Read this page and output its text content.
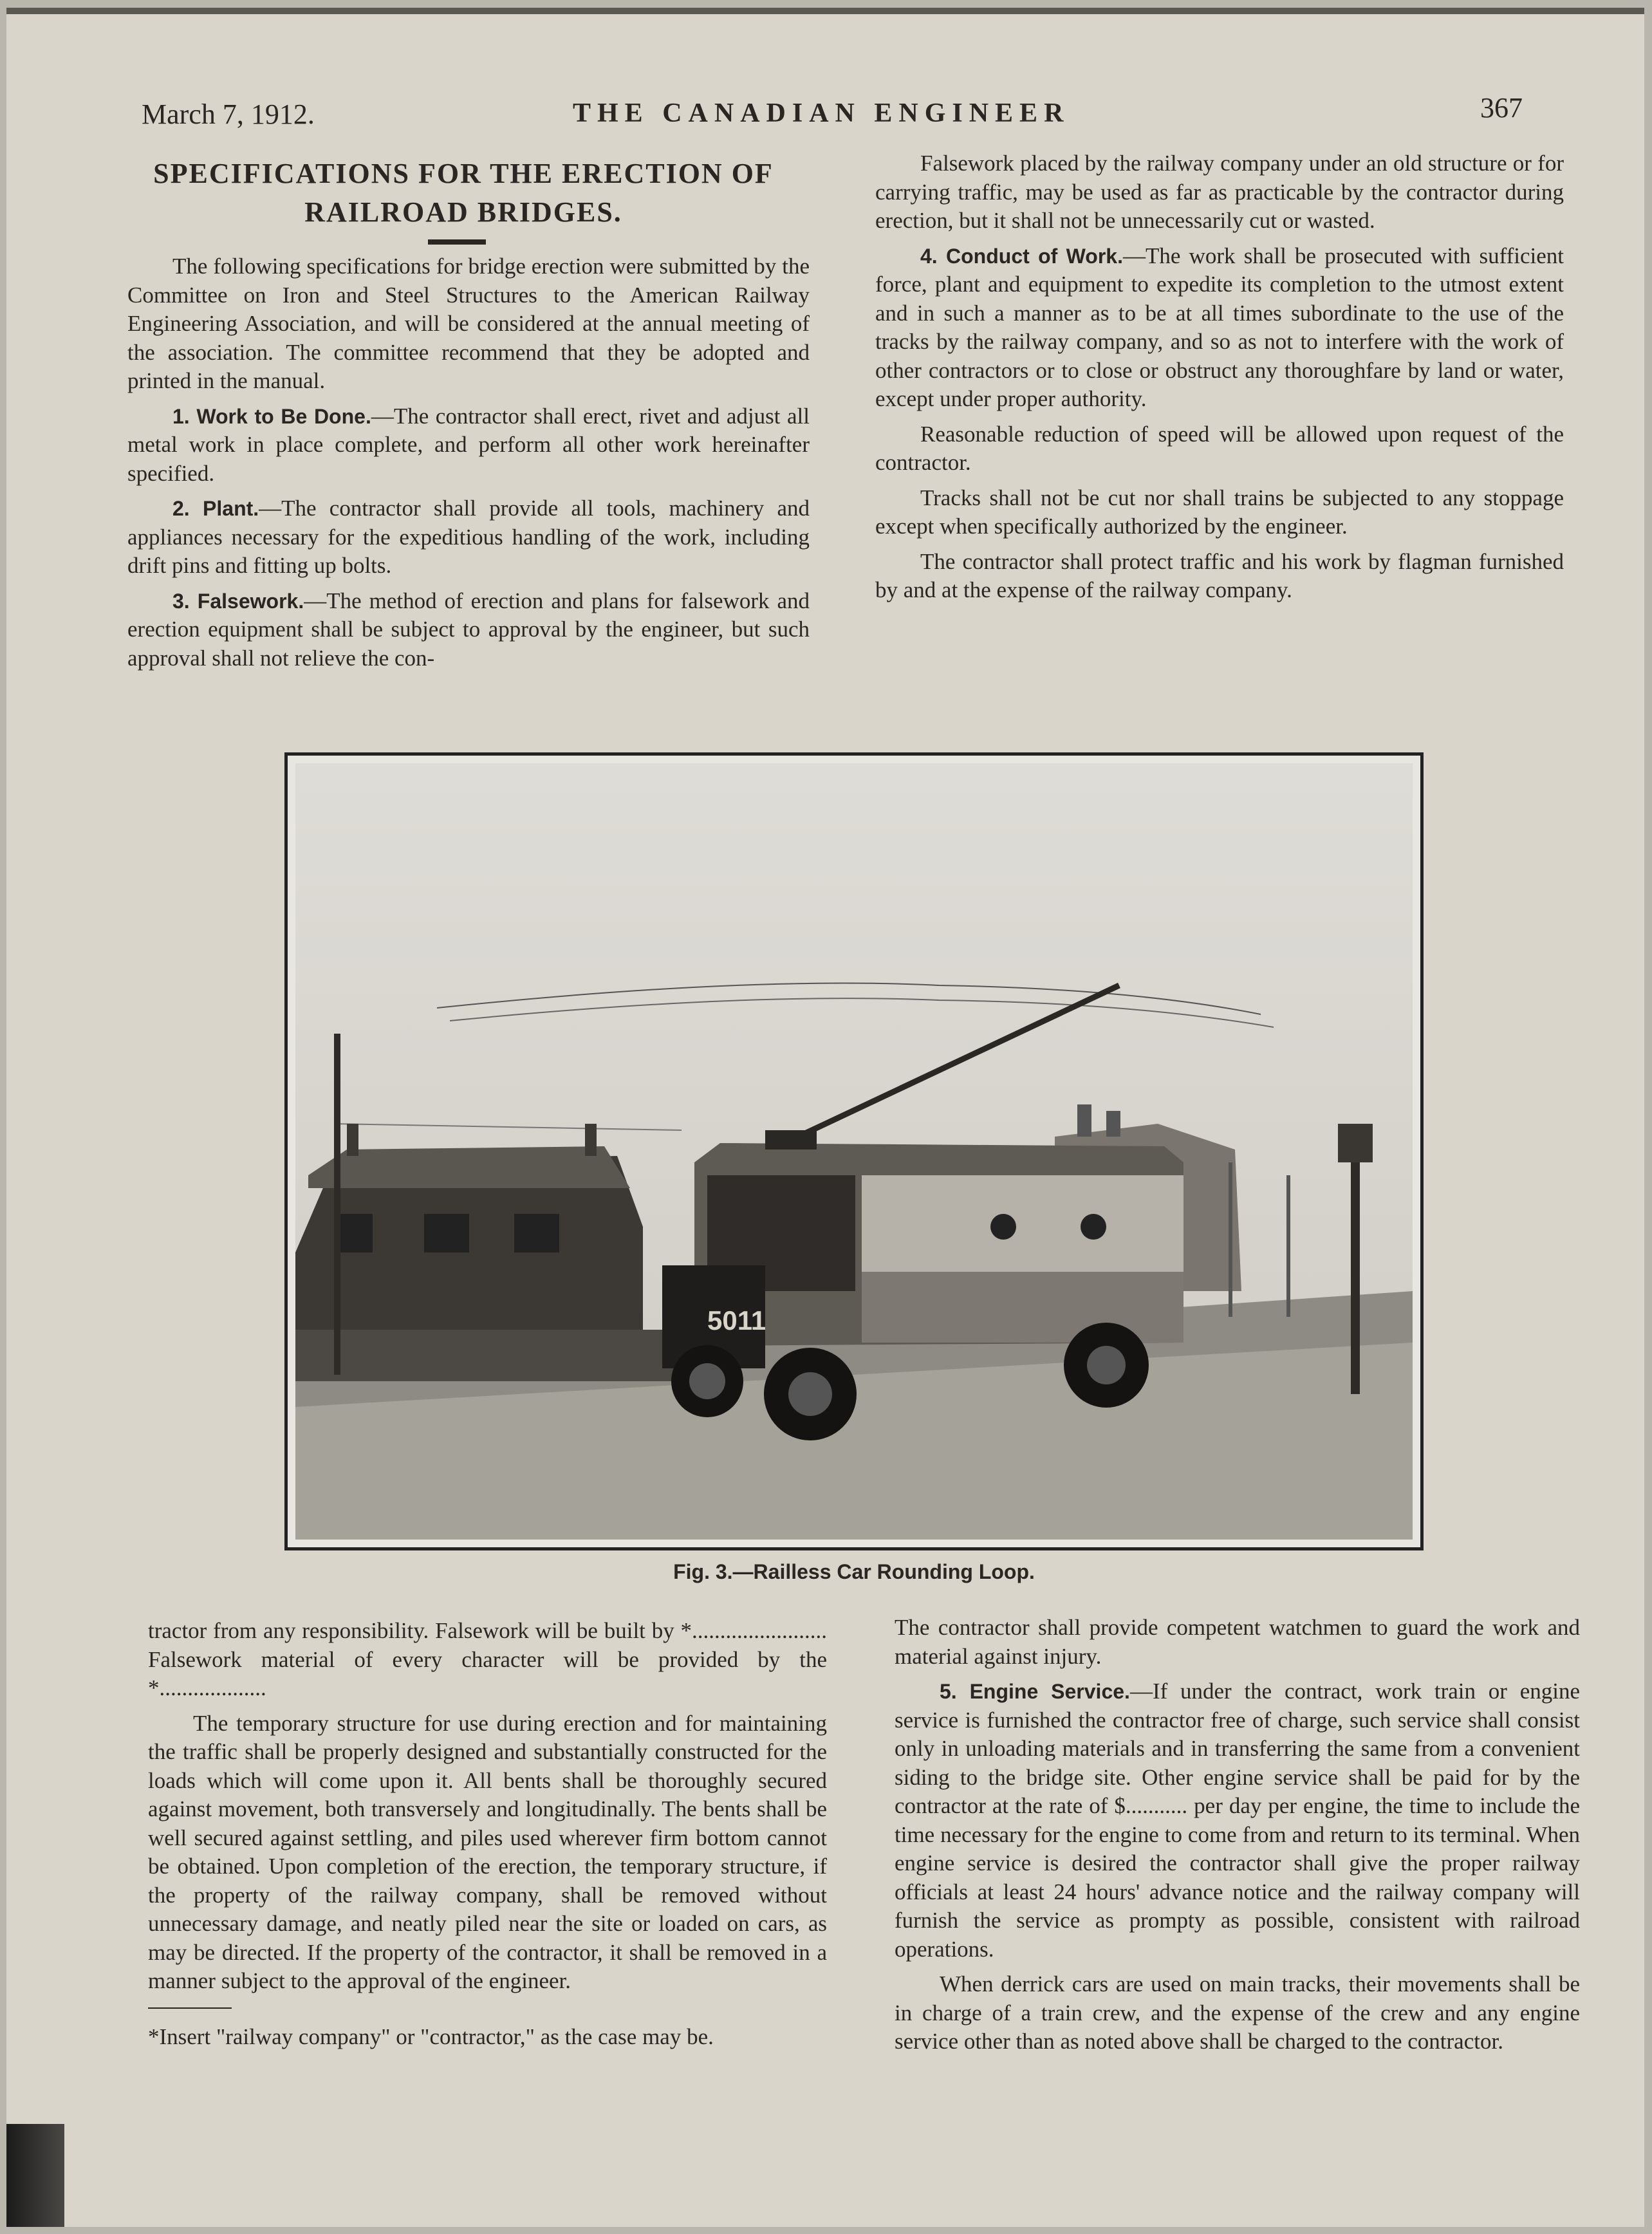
March 7, 1912.	THE CANADIAN ENGINEER	367
SPECIFICATIONS FOR THE ERECTION OF RAILROAD BRIDGES.

The following specifications for bridge erection were submitted by the Committee on Iron and Steel Structures to the American Railway Engineering Association, and will be considered at the annual meeting of the association. The committee recommend that they be adopted and printed in the manual.

1. Work to Be Done.—The contractor shall erect, rivet and adjust all metal work in place complete, and perform all other work hereinafter specified.

2. Plant.—The contractor shall provide all tools, machinery and appliances necessary for the expeditious handling of the work, including drift pins and fitting up bolts.

3. Falsework.—The method of erection and plans for falsework and erection equipment shall be subject to approval by the engineer, but such approval shall not relieve the con-

Falsework placed by the railway company under an old structure or for carrying traffic, may be used as far as practicable by the contractor during erection, but it shall not be unnecessarily cut or wasted.

4. Conduct of Work.—The work shall be prosecuted with sufficient force, plant and equipment to expedite its completion to the utmost extent and in such a manner as to be at all times subordinate to the use of the tracks by the railway company, and so as not to interfere with the work of other contractors or to close or obstruct any thoroughfare by land or water, except under proper authority.

Reasonable reduction of speed will be allowed upon request of the contractor.

Tracks shall not be cut nor shall trains be subjected to any stoppage except when specifically authorized by the engineer.

The contractor shall protect traffic and his work by flagman furnished by and at the expense of the railway company.

5011
Fig. 3.—Railless Car Rounding Loop.

tractor from any responsibility. Falsework will be built by *........................ Falsework material of every character will be provided by the *...................

The temporary structure for use during erection and for maintaining the traffic shall be properly designed and substantially constructed for the loads which will come upon it. All bents shall be thoroughly secured against movement, both transversely and longitudinally. The bents shall be well secured against settling, and piles used wherever firm bottom cannot be obtained. Upon completion of the erection, the temporary structure, if the property of the railway company, shall be removed without unnecessary damage, and neatly piled near the site or loaded on cars, as may be directed. If the property of the contractor, it shall be removed in a manner subject to the approval of the engineer.

*Insert "railway company" or "contractor," as the case may be.

The contractor shall provide competent watchmen to guard the work and material against injury.

5. Engine Service.—If under the contract, work train or engine service is furnished the contractor free of charge, such service shall consist only in unloading materials and in transferring the same from a convenient siding to the bridge site. Other engine service shall be paid for by the contractor at the rate of $........... per day per engine, the time to include the time necessary for the engine to come from and return to its terminal. When engine service is desired the contractor shall give the proper railway officials at least 24 hours' advance notice and the railway company will furnish the service as prompty as possible, consistent with railroad operations.

When derrick cars are used on main tracks, their movements shall be in charge of a train crew, and the expense of the crew and any engine service other than as noted above shall be charged to the contractor.
